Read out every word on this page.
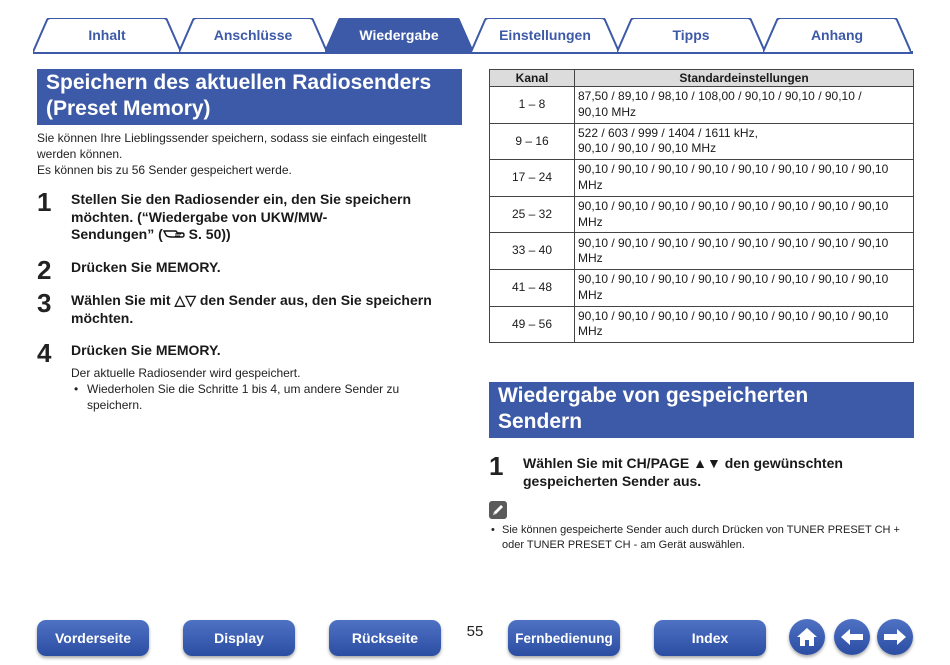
Inhalt	Anschlüsse	Wiedergabe	Einstellungen	Tipps	Anhang
Speichern des aktuellen Radiosenders
(Preset Memory)
Sie können Ihre Lieblingssender speichern, sodass sie einfach eingestellt
werden können.
Es können bis zu 56 Sender gespeichert werde.
1 Stellen Sie den Radiosender ein, den Sie speichern
möchten. (“Wiedergabe von UKW/MW-
Sendungen” ( S. 50))
2 Drücken Sie MEMORY.
3 Wählen Sie mit △▽ den Sender aus, den Sie speichern
möchten.
4 Drücken Sie MEMORY.
Der aktuelle Radiosender wird gespeichert.
• Wiederholen Sie die Schritte 1 bis 4, um andere Sender zu
speichern.
Kanal	Standardeinstellungen
1 – 8	87,50 / 89,10 / 98,10 / 108,00 / 90,10 / 90,10 / 90,10 /
90,10 MHz

9 – 16	522 / 603 / 999 / 1404 / 1611 kHz,
90,10 / 90,10 / 90,10 MHz

17 – 24	90,10 / 90,10 / 90,10 / 90,10 / 90,10 / 90,10 / 90,10 / 90,10
MHz

25 – 32	90,10 / 90,10 / 90,10 / 90,10 / 90,10 / 90,10 / 90,10 / 90,10
MHz

33 – 40	90,10 / 90,10 / 90,10 / 90,10 / 90,10 / 90,10 / 90,10 / 90,10
MHz

41 – 48	90,10 / 90,10 / 90,10 / 90,10 / 90,10 / 90,10 / 90,10 / 90,10
MHz

49 – 56	90,10 / 90,10 / 90,10 / 90,10 / 90,10 / 90,10 / 90,10 / 90,10
MHz
Wiedergabe von gespeicherten
Sendern
1 Wählen Sie mit CH/PAGE ▲▼ den gewünschten
gespeicherten Sender aus.
• Sie können gespeicherte Sender auch durch Drücken von TUNER PRESET CH +
oder TUNER PRESET CH - am Gerät auswählen.
Vorderseite	Display	Rückseite	55	Fernbedienung	Index
